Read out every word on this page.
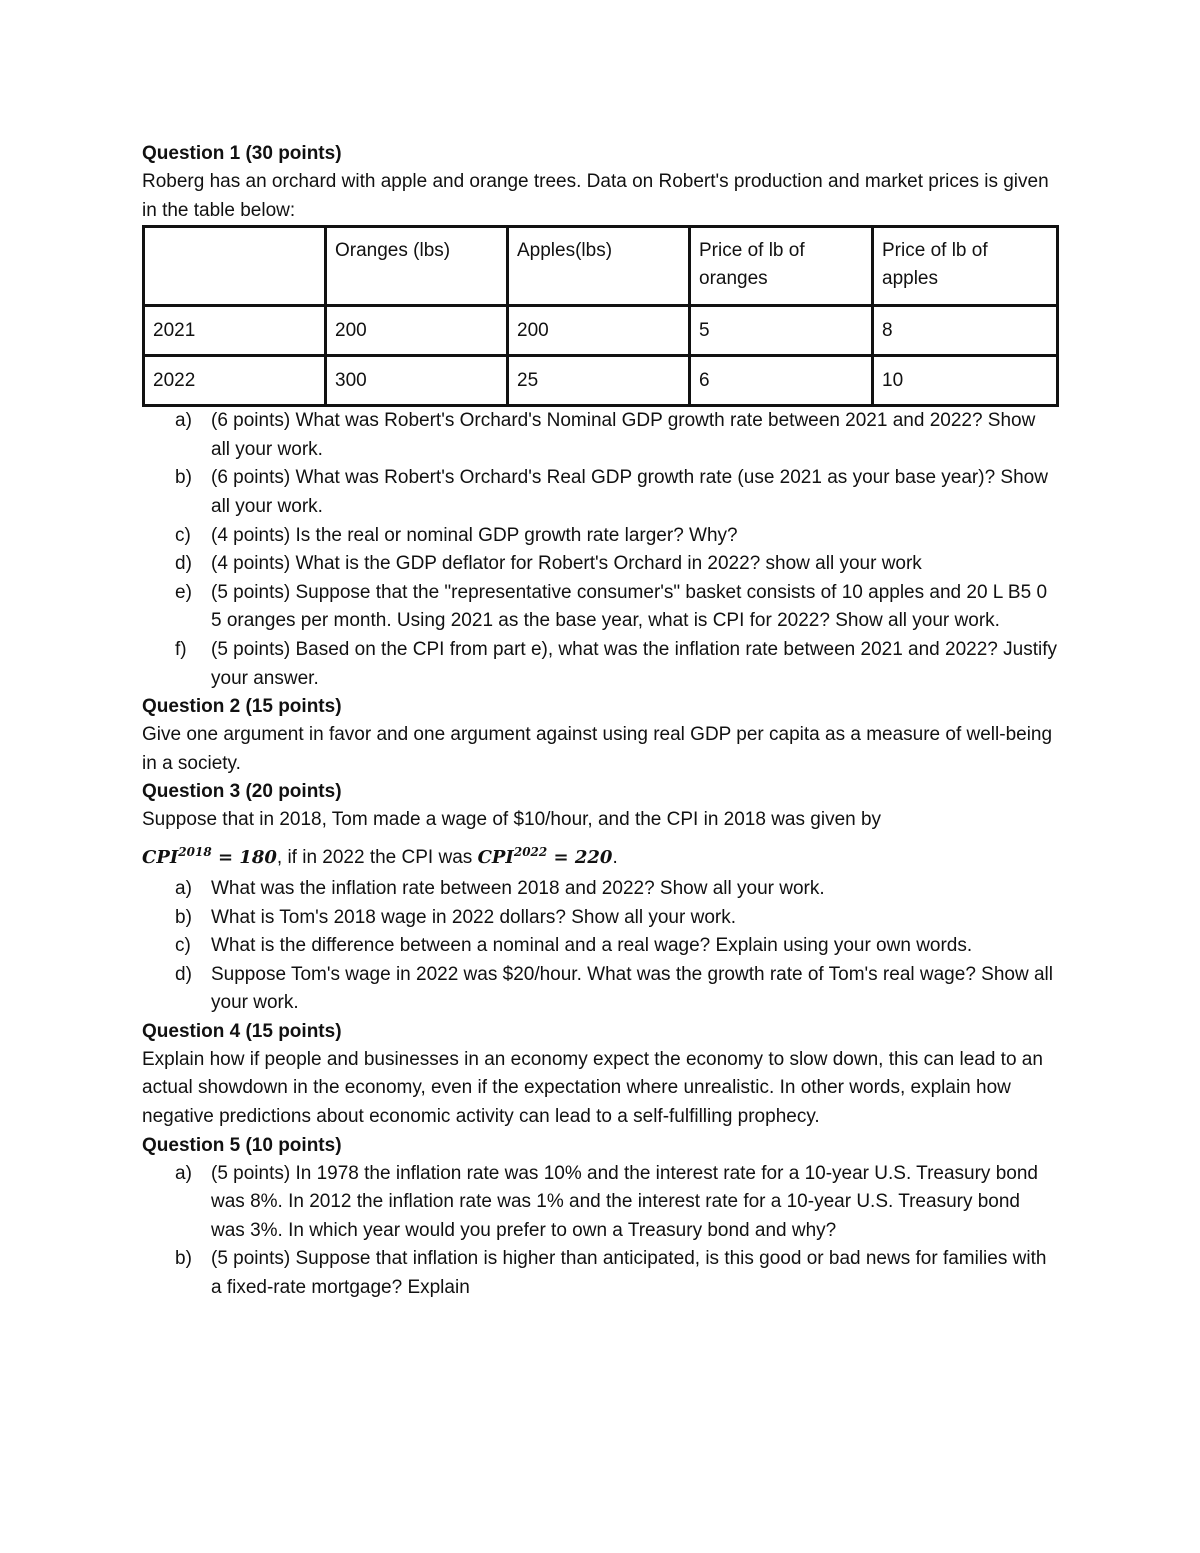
Question 1 (30 points)

Roberg has an orchard with apple and orange trees. Data on Robert's production and market prices is given in the table below:

	Oranges (lbs)	Apples(lbs)	Price of lb of oranges	Price of lb of apples
2021	200	200	5	8
2022	300	25	6	10
a)	(6 points) What was Robert's Orchard's Nominal GDP growth rate between 2021 and 2022? Show all your work.
b)	(6 points) What was Robert's Orchard's Real GDP growth rate (use 2021 as your base year)? Show all your work.
c)	(4 points) Is the real or nominal GDP growth rate larger? Why?
d)	(4 points) What is the GDP deflator for Robert's Orchard in 2022? show all your work
e)	(5 points) Suppose that the "representative consumer's" basket consists of 10 apples and 20 L B5 0 5 oranges per month. Using 2021 as the base year, what is CPI for 2022? Show all your work.
f)	(5 points) Based on the CPI from part e), what was the inflation rate between 2021 and 2022? Justify your answer.
Question 2 (15 points)

Give one argument in favor and one argument against using real GDP per capita as a measure of well-being in a society.

Question 3 (20 points)

Suppose that in 2018, Tom made a wage of $10/hour, and the CPI in 2018 was given by

$CPI^{2018} = 180$, if in 2022 the CPI was $CPI^{2022} = 220$.

a)	What was the inflation rate between 2018 and 2022? Show all your work.
b)	What is Tom's 2018 wage in 2022 dollars? Show all your work.
c)	What is the difference between a nominal and a real wage? Explain using your own words.
d)	Suppose Tom's wage in 2022 was $20/hour. What was the growth rate of Tom's real wage? Show all your work.
Question 4 (15 points)

Explain how if people and businesses in an economy expect the economy to slow down, this can lead to an actual showdown in the economy, even if the expectation where unrealistic. In other words, explain how negative predictions about economic activity can lead to a self-fulfilling prophecy.

Question 5 (10 points)
a)	(5 points) In 1978 the inflation rate was 10% and the interest rate for a 10-year U.S. Treasury bond was 8%. In 2012 the inflation rate was 1% and the interest rate for a 10-year U.S. Treasury bond was 3%. In which year would you prefer to own a Treasury bond and why?
b)	(5 points) Suppose that inflation is higher than anticipated, is this good or bad news for families with a fixed-rate mortgage? Explain
